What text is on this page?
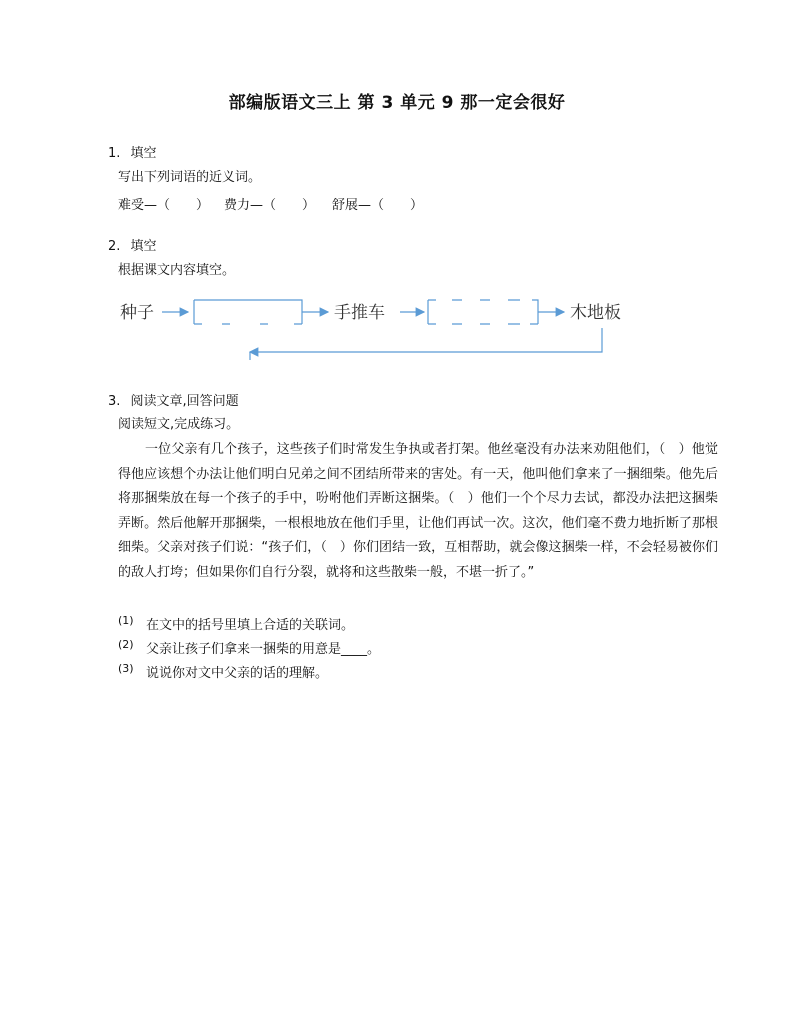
部编版语文三上 第 3 单元 9 那一定会很好
1. 填空
写出下列词语的近义词。
难受—（　　） 费力—（　　） 舒展—（　　）
2. 填空
根据课文内容填空。
种子	手推车	木地板
3. 阅读文章,回答问题
阅读短文,完成练习。
一位父亲有几个孩子，这些孩子们时常发生争执或者打架。他丝毫没有办法来劝阻他们，（　）他觉得他应该想个办法让他们明白兄弟之间不团结所带来的害处。有一天，他叫他们拿来了一捆细柴。他先后将那捆柴放在每一个孩子的手中，吩咐他们弄断这捆柴。（　）他们一个个尽力去试，都没办法把这捆柴弄断。然后他解开那捆柴，一根根地放在他们手里，让他们再试一次。这次，他们毫不费力地折断了那根细柴。父亲对孩子们说：“孩子们，（　）你们团结一致，互相帮助，就会像这捆柴一样，不会轻易被你们的敌人打垮；但如果你们自行分裂，就将和这些散柴一般，不堪一折了。”
(1) 在文中的括号里填上合适的关联词。
(2) 父亲让孩子们拿来一捆柴的用意是____。
(3) 说说你对文中父亲的话的理解。
